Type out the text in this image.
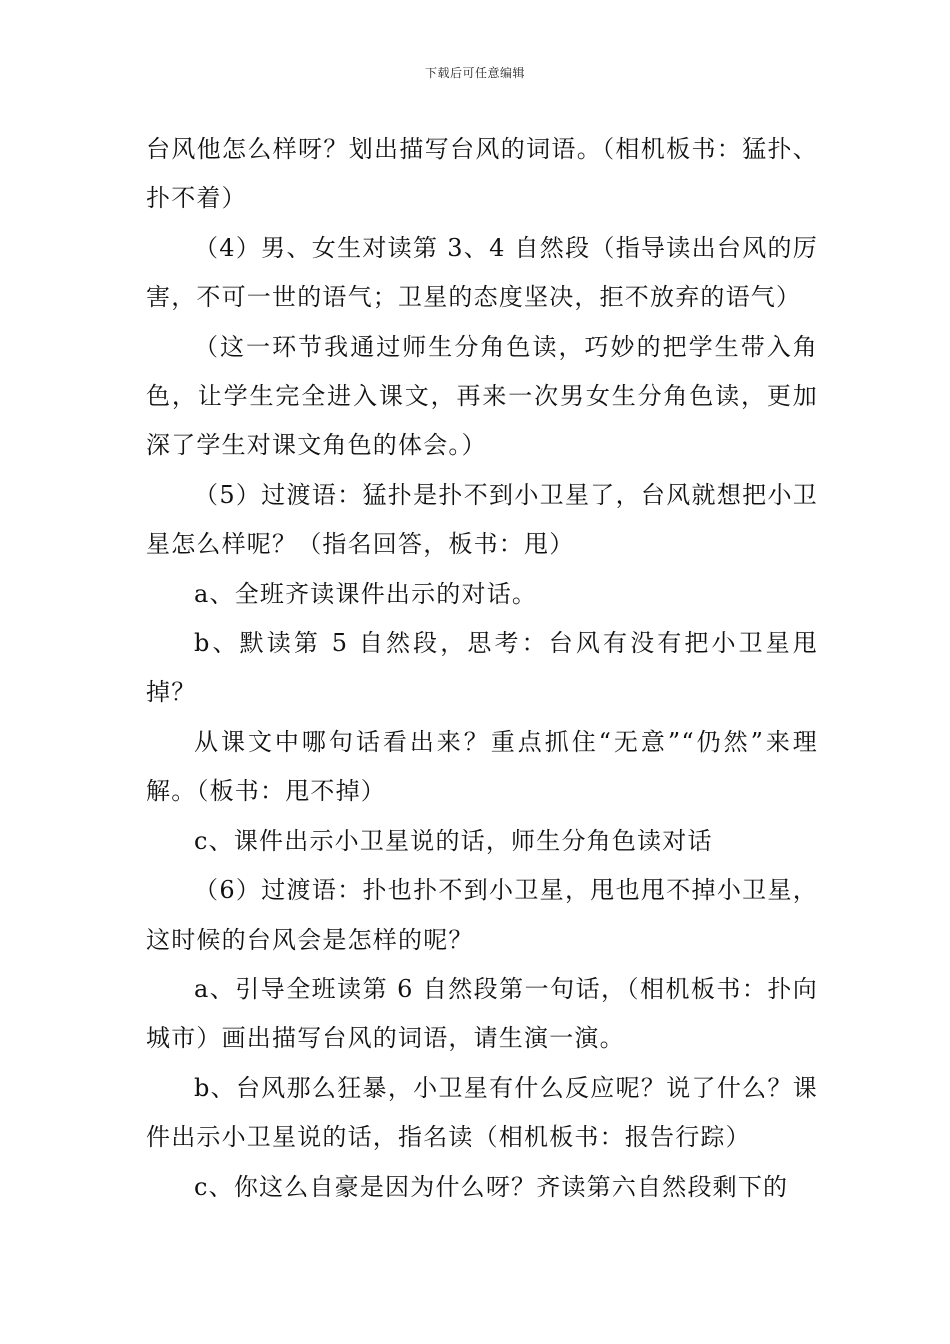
下载后可任意编辑

台风他怎么样呀？划出描写台风的词语。（相机板书：猛扑、扑不着）

（4）男、女生对读第 3、4 自然段（指导读出台风的厉害，不可一世的语气；卫星的态度坚决，拒不放弃的语气）

（这一环节我通过师生分角色读，巧妙的把学生带入角色，让学生完全进入课文，再来一次男女生分角色读，更加深了学生对课文角色的体会。）

（5）过渡语：猛扑是扑不到小卫星了，台风就想把小卫星怎么样呢？（指名回答，板书：甩）

a、全班齐读课件出示的对话。

b、默读第 5 自然段，思考：台风有没有把小卫星甩掉？

从课文中哪句话看出来？重点抓住“无意”“仍然”来理解。（板书：甩不掉）

c、课件出示小卫星说的话，师生分角色读对话

（6）过渡语：扑也扑不到小卫星，甩也甩不掉小卫星，这时候的台风会是怎样的呢？

a、引导全班读第 6 自然段第一句话，（相机板书：扑向城市）画出描写台风的词语，请生演一演。

b、台风那么狂暴，小卫星有什么反应呢？说了什么？课件出示小卫星说的话，指名读（相机板书：报告行踪）

c、你这么自豪是因为什么呀？齐读第六自然段剩下的
